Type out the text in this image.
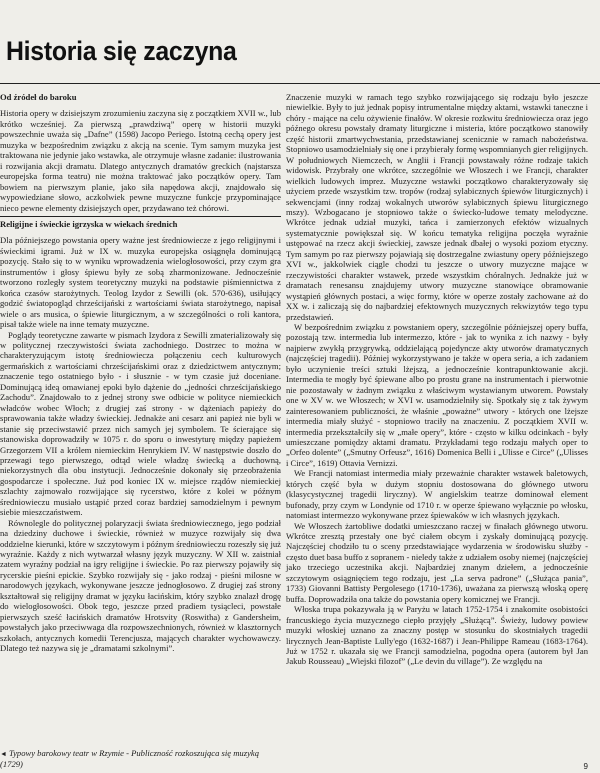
Historia się zaczyna
Od źródeł do baroku

Historia opery w dzisiejszym zrozumieniu zaczyna się z początkiem XVII w., lub krótko wcześniej. Za pierwszą „prawdziwą” operę w historii muzyki powszechnie uważa się „Dafne” (1598) Jacopo Periego. Istotną cechą opery jest muzyka w bezpośrednim związku z akcją na scenie. Tym samym muzyka jest traktowana nie jedynie jako wstawka, ale otrzymuje własne zadanie: ilustrowania i rozwijania akcji dramatu. Dlatego antycznych dramatów greckich (najstarsza europejska forma teatru) nie można traktować jako początków opery. Tam bowiem na pierwszym planie, jako siła napędowa akcji, znajdowało się wypowiedziane słowo, aczkolwiek pewne muzyczne funkcje przypominające nieco pewne elementy dzisiejszych oper, przydawano też chórowi.

Religijne i świeckie igrzyska w wiekach średnich

Dla późniejszego powstania opery ważne jest średniowiecze z jego religijnymi i świeckimi igrami. Już w IX w. muzyka europejska osiągnęła dominującą pozycję. Stało się to w wyniku wprowadzenia wielogłosowości, przy czym gra instrumentów i głosy śpiewu były ze sobą zharmonizowane. Jednocześnie tworzono rozległy system teoretyczny muzyki na podstawie piśmiennictwa z końca czasów starożytnych. Teolog Izydor z Sewilli (ok. 570-636), usiłujący godzić światopogląd chrześcijański z wartościami świata starożytnego, napisał wiele o ars musica, o śpiewie liturgicznym, a w szczególności o roli kantora, pisał także wiele na inne tematy muzyczne.

Poglądy teoretyczne zawarte w pismach Izydora z Sewilli zmaterializowały się w politycznej rzeczywistości świata zachodniego. Dostrzec to można w charakteryzującym istotę średniowiecza połączeniu cech kulturowych germańskich z wartościami chrześcijańskimi oraz z dziedzictwem antycznym; znaczenie tego ostatniego było - i słusznie - w tym czasie już doceniane. Dominującą ideą omawianej epoki było dążenie do „jedności chrześcijańskiego Zachodu”. Znajdowało to z jednej strony swe odbicie w polityce niemieckich władców wobec Włoch; z drugiej zaś strony - w dążeniach papieży do sprawowania także władzy świeckiej. Jednakże ani cesarz ani papież nie byli w stanie się przeciwstawić przez nich samych jej symbolem. Te ścierające się stanowiska doprowadziły w 1075 r. do sporu o inwestyturę między papieżem Grzegorzem VII a królem niemieckim Henrykiem IV. W następstwie doszło do przewagi tego pierwszego, odtąd wiele władzę świecką a duchowną, niekorzystnych dla obu instytucji. Jednocześnie dokonały się przeobrażenia gospodarcze i społeczne. Już pod koniec IX w. miejsce rządów niemieckiej szlachty zajmowało rozwijające się rycerstwo, które z kolei w późnym średniowieczu musiało ustąpić przed coraz bardziej samodzielnym i pewnym siebie mieszczaństwem.

Równolegle do politycznej polaryzacji świata średniowiecznego, jego podział na dziedziny duchowe i świeckie, również w muzyce rozwijały się dwa oddzielne kierunki, które w szczytowym i późnym średniowieczu rozeszły się już wyraźnie. Każdy z nich wytwarzał własny język muzyczny. W XII w. zaistniał zatem wyraźny podział na igry religijne i świeckie. Po raz pierwszy pojawiły się rycerskie pieśni epickie. Szybko rozwijały się - jako rodzaj - pieśni milosne w narodowych językach, wykonywane jeszcze jednogłosowo. Z drugiej zaś strony kształtował się religijny dramat w języku łacińskim, który szybko znalazł drogę do wielogłosowości. Obok tego, jeszcze przed pradiem tysiącleci, powstałe pierwszych sześć łacińskich dramatów Hrotsvity (Roswitha) z Gandersheim, powstałych jako przeciwwaga dla rozpowszechnionych, również w klasztornych szkołach, antycznych komedii Terencjusza, mających charakter wychowawczy. Dlatego też nazywa się je „dramatami szkolnymi”.

Znaczenie muzyki w ramach tego szybko rozwijającego się rodzaju było jeszcze niewielkie. Były to już jednak popisy intrumentalne między aktami, wstawki taneczne i chóry - mające na celu ożywienie finałów. W okresie rozkwitu średniowiecza oraz jego późnego okresu powstały dramaty liturgiczne i misteria, które początkowo stanowiły część historii zmartwychwstania, przedstawianej scenicznie w ramach nabożeństwa. Stopniowo usamodzielniały się one i przybierały formę wspomnianych gier religijnych. W południowych Niemczech, w Anglii i Francji powstawały różne rodzaje takich widowisk. Przybrały one wkrótce, szczególnie we Włoszech i we Francji, charakter wielkich ludowych imprez. Muzyczne wstawki początkowo charakteryzowały się użyciem przede wszystkim tzw. tropów (rodzaj sylabicznych śpiewów liturgicznych) i sekwencjami (inny rodzaj wokalnych utworów sylabicznych śpiewu liturgicznego mszy). Wzbogacano je stopniowo także o świecko-ludowe tematy melodyczne. Wkrótce jednak udział muzyki, tańca i zamierzonych efektów wizualnych systematycznie powiększał się. W końcu tematyka religijna poczęła wyraźnie ustępować na rzecz akcji świeckiej, zawsze jednak dbałej o wysoki poziom etyczny. Tym samym po raz pierwszy pojawiają się dostrzegalne zwiastuny opery późniejszego XVI w., jakkolwiek ciągle chodzi tu jeszcze o utwory muzyczne mające w rzeczywistości charakter wstawek, przede wszystkim chóralnych. Jednakże już w dramatach renesansu znajdujemy utwory muzyczne stanowiące obramowanie wystąpień głównych postaci, a więc formy, które w operze zostały zachowane aż do XX w. i zaliczają się do najbardziej efektownych muzycznych rekwizytów tego typu przedstawień.

W bezpośrednim związku z powstaniem opery, szczególnie późniejszej opery buffa, pozostają tzw. intermedia lub intermezzo, które - jak to wynika z ich nazwy - były najpierw zwykłą przygrywką, oddzielającą pojedyncze akty utworów dramatycznych (najczęściej tragedii). Później wykorzystywano je także w opera seria, a ich zadaniem było uczynienie treści sztuki lżejszą, a jednocześnie kontrapunktowanie akcji. Intermedia te mogły być śpiewane albo po prostu grane na instrumentach i pierwotnie nie pozostawały w żadnym związku z właściwym wystawianym utworem. Powstały one w XV w. we Włoszech; w XVI w. usamodzielniły się. Spotkały się z tak żywym zainteresowaniem publiczności, że właśnie „poważne” utwory - których one lżejsze intermedia miały służyć - stopniowo traciły na znaczeniu. Z początkiem XVII w. intermedia przekształciły się w „małe opery”, które - często w kilku odcinkach - były umieszczane pomiędzy aktami dramatu. Przykładami tego rodzaju małych oper to „Orfeo dolente” („Smutny Orfeusz”, 1616) Domenica Belli i „Ulisse e Circe” („Ulisses i Circe”, 1619) Ottavia Vernizzi.

We Francji natomiast intermedia miały przeważnie charakter wstawek baletowych, których część była w dużym stopniu dostosowana do głównego utworu (klasycystycznej tragedii liryczny). W angielskim teatrze dominował element bufonady, przy czym w Londynie od 1710 r. w operze śpiewano wyłącznie po włosku, natomiast intermezzo wykonywane przez śpiewaków w ich własnych językach.

We Włoszech żartobliwe dodatki umieszczano raczej w finałach głównego utworu. Wkrótce zresztą przestały one być ciałem obcym i zyskały dominującą pozycję. Najczęściej chodziło tu o sceny przedstawiające wydarzenia w środowisku służby - często duet basa buffo z sopranem - nieledy także z udziałem osoby niemej (najczęściej jako trzeciego uczestnika akcji. Najbardziej znanym dziełem, a jednocześnie szczytowym osiągnięciem tego rodzaju, jest „La serva padrone” („Służąca pania”, 1733) Giovanni Battisty Pergolesego (1710-1736), uważana za pierwszą włoską operę buffa. Doprowadziła ona także do powstania opery komicznej we Francji.

Włoska trupa pokazywała ją w Paryżu w latach 1752-1754 i znakomite osobistości francuskiego życia muzycznego ciepło przyjęły „Służącą”. Świeży, ludowy powiew muzyki włoskiej uznano za znaczny postęp w stosunku do skostniałych tragedii lirycznych Jean-Baptiste Lully'ego (1632-1687) i Jean-Philippe Rameau (1683-1764). Już w 1752 r. ukazała się we Francji samodzielna, pogodna opera (autorem był Jan Jakub Rousseau) „Wiejski filozof” („Le devin du village”). Ze względu na

◄ Typowy barokowy teatr w Rzymie - Publiczność rozkoszująca się muzyką (1729)	9
